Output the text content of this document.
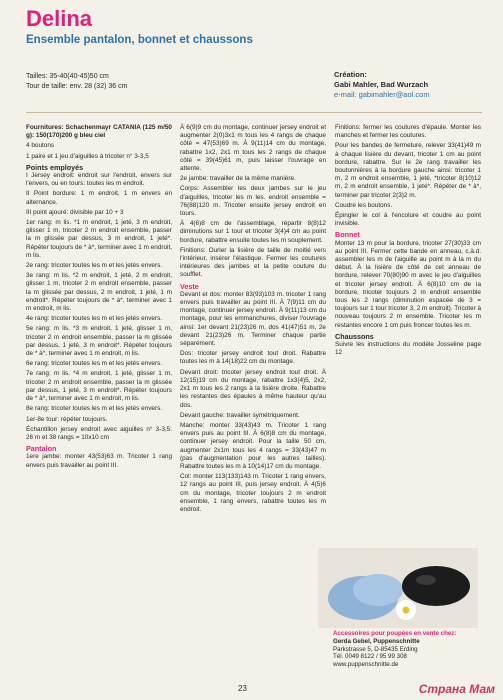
Delina
Ensemble pantalon, bonnet et chaussons
Tailles: 35-40(40-45)50 cm
Tour de taille: env. 28 (32) 36 cm
Création:
Gabi Mahler, Bad Wurzach
e-mail: gabimahler@aol.com

Fournitures: Schachenmayr CATANIA (125 m/50 g): 150(170)200 g bleu ciel

4 boutons

1 paire et 1 jeu d'aiguilles à tricoter n° 3-3,5

Points employés

I Jersey endroit: endroit sur l'endroit, envers sur l'envers, ou en tours: toutes les m endroit.

II Point bordure: 1 m endroit, 1 m envers en alternance.

III point ajouré: divisible par 10 + 3

1er rang: m lis. *1 m endroit, 1 jeté, 3 m endroit, glisser 1 m, tricoter 2 m endroit ensemble, passer la m glissée par dessus, 3 m endroit, 1 jeté*. Répéter toujours de * à*, terminer avec 1 m endroit, m lis.

2e rang: tricoter toutes les m et les jetés envers.

3e rang: m lis. *2 m endroit, 1 jeté, 2 m endroit, glisser 1 m, tricoter 2 m endroit ensemble, passer la m glissée par dessus, 2 m endroit, 1 jeté, 1 m endroit*. Répéter toujours de * à*, terminer avec 1 m endroit, m lis.

4e rang: tricoter toutes les m et les jetés envers.

5e rang: m lis. *3 m endroit, 1 jeté, glisser 1 m, tricoter 2 m endroit ensemble, passer la m glissée par dessus, 1 jeté, 3 m endroit*. Répéter toujours de * à*, terminer avec 1 m endroit, m lis.

6e rang: tricoter toutes les m et les jetés envers.

7e rang: m lis. *4 m endroit, 1 jeté, glisser 1 m, tricoter 2 m endroit ensemble, passer la m glissée par dessus, 1 jeté, 3 m endroit*. Répéter toujours de * à*, terminer avec 1 m endroit, m lis.

8e rang: tricoter toutes les m et les jetés envers.

1er-8e tour: répéter toujours.

Échantillon jersey endroit avec aiguilles n° 3-3,5: 26 m et 38 rangs = 10x10 cm

Pantalon

1ere jambe: monter 43(53)63 m. Tricoter 1 rang envers puis travailler au point III.

À 6(9)9 cm du montage, continuer jersey endroit et augmenter 2(0)3x1 m tous les 4 rangs de chaque côté = 47(53)69 m. À 9(11)14 cm du montage, rabattre 1x2, 2x1 m tous les 2 rangs de chaque côté = 39(45)61 m, puis laisser l'ouvrage en attente.

2e jambe: travailler de la même manière.

Corps: Assembler les deux jambes sur le jeu d'aiguilles, tricoter les m les. endroit ensemble = 76(88)120 m. Tricoter ensuite jersey endroit en tours.

À 4(6)8 cm de l'assemblage, répartir 8(8)12 diminutions sur 1 tour et tricoter 3(4)4 cm au point bordure, rabattre ensuite toutes les m souplement.

Finitions: Ourler la lisière de taille de moitié vers l'intérieur, insérer l'élastique. Fermer les coutures intérieures des jambes et la petite couture du soufflet.

Veste

Devant et dos: monter 83(93)103 m. tricoter 1 rang envers puis travailler au point III. À 7(9)11 cm du montage, continuer jersey endroit. À 9(11)13 cm du montage, pour les emmanchures, diviser l'ouvrage ainsi: 1er devant 21(23)26 m, dos 41(47)51 m, 2e devant 21(23)26 m. Terminer chaque partie séparément.

Dos: tricoter jersey endroit tout droit. Rabattre toutes les m à 14(18)22 cm du montage.

Devant droit: tricoter jersey endroit tout droit. À 12(15)19 cm du montage, rabattre 1x3(4)5, 2x2, 2x1 m tous les 2 rangs à la lisière droite. Rabattre les restantes des épaules à même hauteur qu'au dos.

Devant gauche: travailler symétriquement.

Manche: monter 33(43)43 m. Tricoter 1 rang envers puis au point III. À 6(8)8 cm du montage, continuer jersey endroit. Pour la taille 50 cm, augmenter 2x1m tous les 4 rangs = 33(43)47 m (pas d'augmentation pour les autres tailles). Rabattre toutes les m à 10(14)17 cm du montage.

Col: monter 113(133)143 m. Tricoter 1 rang envers, 12 rangs au point III, puis jersey endroit. À 4(5)6 cm du montage, tricoter toujours 2 m endroit ensemble, 1 rang envers, rabattre toutes les m endroit.

Finitions: fermer les coutures d'épaule. Monter les manches et fermer les coutures.

Pour les bandes de fermeture, relever 33(41)49 m à chaque lisière du devant, tricoter 1 cm au point bordure, rabattre. Sur le 2e rang travailler les boutonnières à la bordure gauche ainsi: tricoter 1 m, 2 m endroit ensemble, 1 jeté, *tricoter 8(10)12 m, 2 m endroit ensemble, 1 jeté*. Répéter de * à*, terminer par tricoter 2(3)2 m.

Coudre les boutons.

Épingler le col à l'encolure et coudre au point invisible.

Bonnet

Monter 13 m pour la bordure, tricoter 27(30)33 cm au point III. Fermer cette bande en anneau, c.à.d. assembler les m de l'aiguille au point m à la m du début. À la lisière de côté de cet anneau de bordure, relever 70(80)90 m avec le jeu d'aiguilles et tricoter jersey endroit. À 6(8)10 cm de la bordure, tricoter toujours 2 m endroit ensemble tous les 2 rangs (diminution espacée de 3 = toujours sur 1 tour tricoter 3, 2 m endroit). Tricoter à nouveau toujours 2 m ensemble. Tricoter les m restantes encore 1 cm puis froncer toutes les m.

Chaussons

Suivre les instructions du modèle Josseline page 12

Accessoires pour poupées en vente chez:
Gerda Gebel, Puppenschnitte
Parkstrasse 5, D-85435 Erding
Tél. 0049 8122 / 95 99 308
www.puppenschnitte.de
23	Страна Мам
